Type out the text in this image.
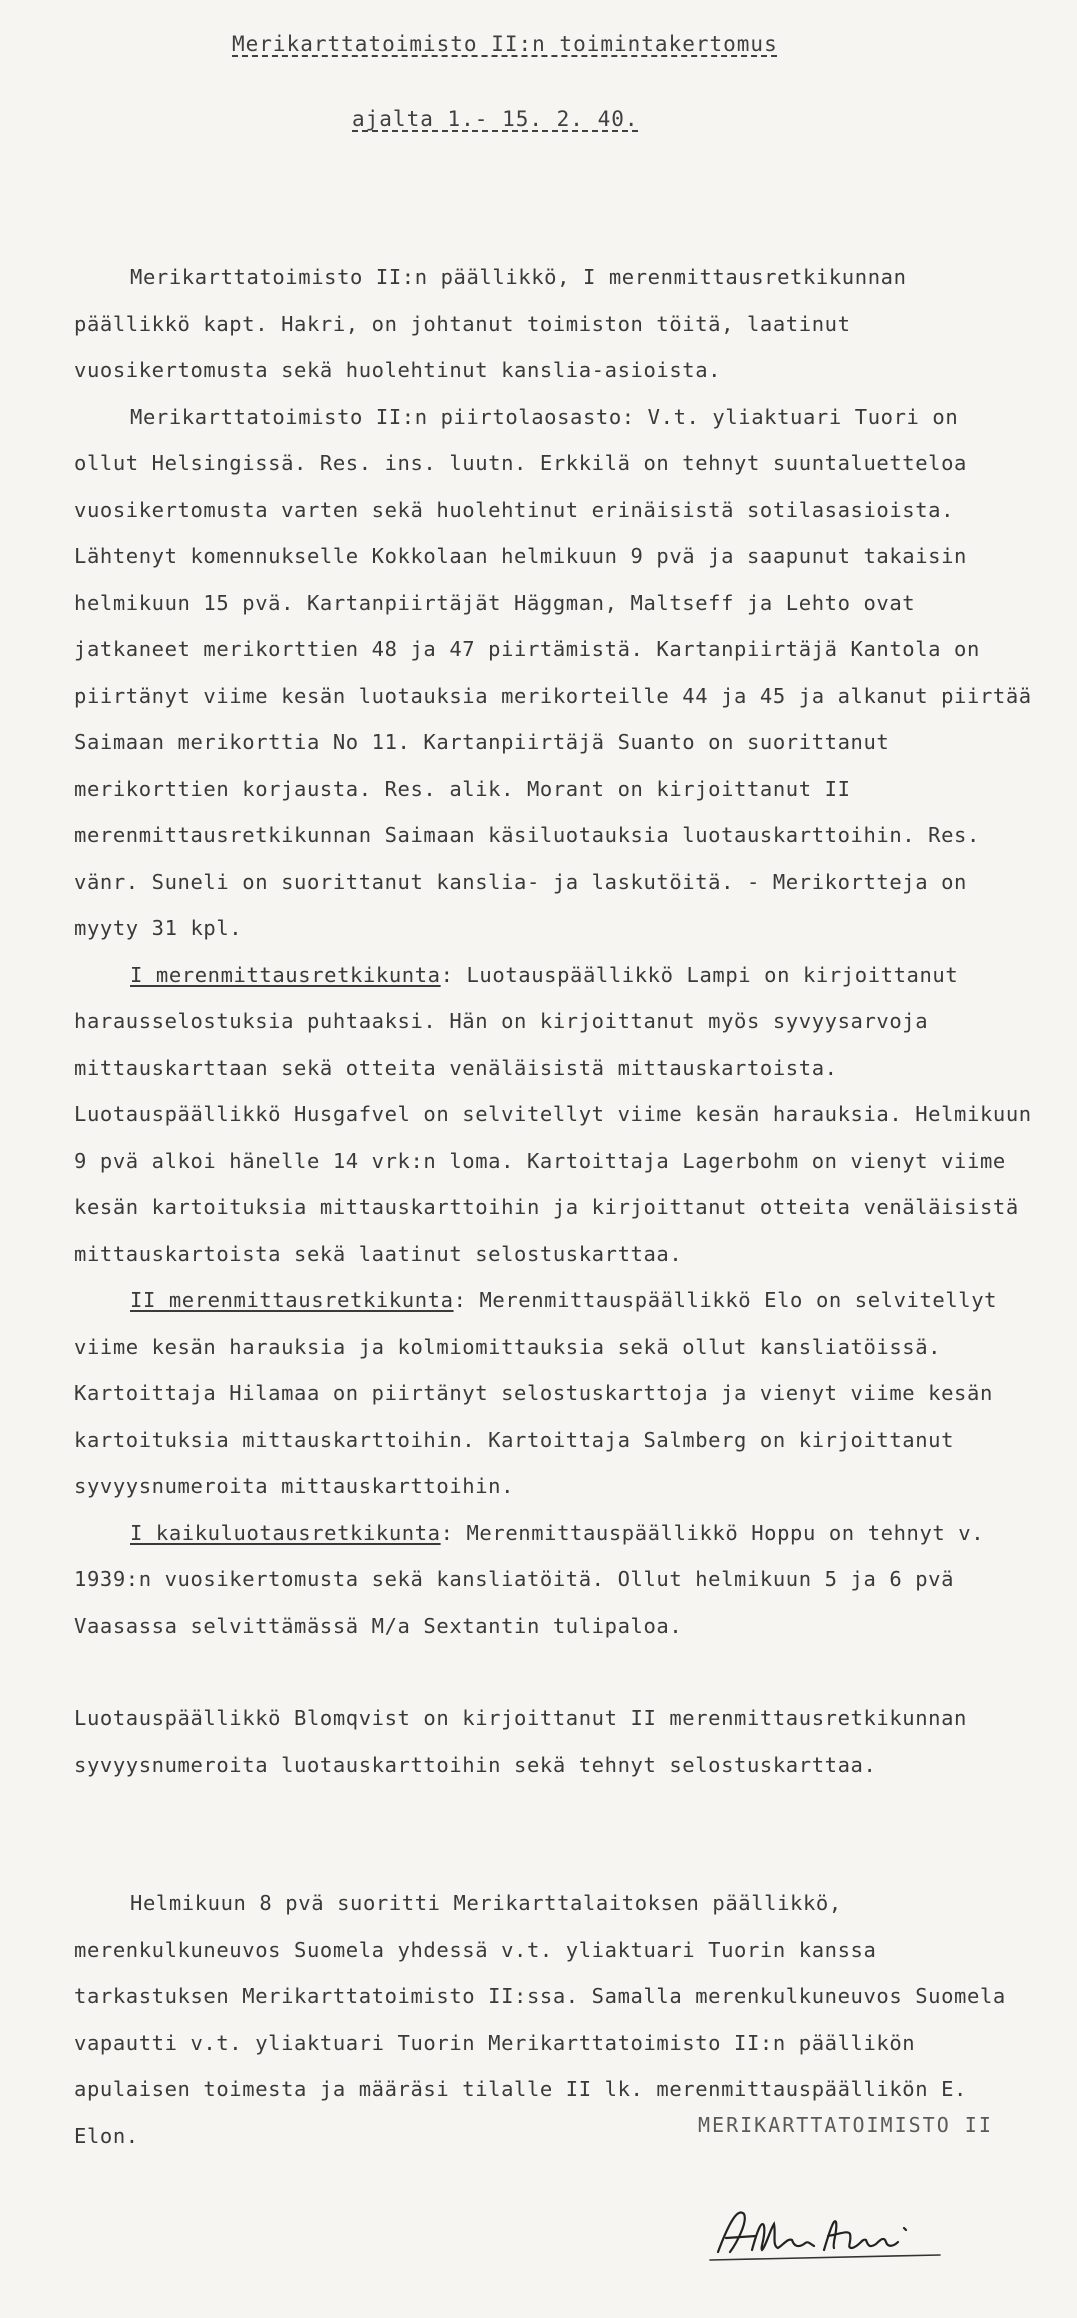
Merikarttatoimisto II:n toimintakertomus
ajalta 1.- 15. 2. 40.

Merikarttatoimisto II:n päällikkö, I merenmittausretkikunnan päällikkö kapt. Hakri, on johtanut toimiston töitä, laatinut vuosikertomusta sekä huolehtinut kanslia-asioista.

Merikarttatoimisto II:n piirtolaosasto: V.t. yliaktuari Tuori on ollut Helsingissä. Res. ins. luutn. Erkkilä on tehnyt suuntaluetteloa vuosikertomusta varten sekä huolehtinut erinäisistä sotilasasioista. Lähtenyt komennukselle Kokkolaan helmikuun 9 pvä ja saapunut takaisin helmikuun 15 pvä. Kartanpiirtäjät Häggman, Maltseff ja Lehto ovat jatkaneet merikorttien 48 ja 47 piirtämistä. Kartanpiirtäjä Kantola on piirtänyt viime kesän luotauksia merikorteille 44 ja 45 ja alkanut piirtää Saimaan merikorttia No 11. Kartanpiirtäjä Suanto on suorittanut merikorttien korjausta. Res. alik. Morant on kirjoittanut II merenmittausretkikunnan Saimaan käsiluotauksia luotauskarttoihin. Res. vänr. Suneli on suorittanut kanslia- ja laskutöitä. - Merikortteja on myyty 31 kpl.

I merenmittausretkikunta: Luotauspäällikkö Lampi on kirjoittanut harausselostuksia puhtaaksi. Hän on kirjoittanut myös syvyysarvoja mittauskarttaan sekä otteita venäläisistä mittauskartoista. Luotauspäällikkö Husgafvel on selvitellyt viime kesän harauksia. Helmikuun 9 pvä alkoi hänelle 14 vrk:n loma. Kartoittaja Lagerbohm on vienyt viime kesän kartoituksia mittauskarttoihin ja kirjoittanut otteita venäläisistä mittauskartoista sekä laatinut selostuskarttaa.

II merenmittausretkikunta: Merenmittauspäällikkö Elo on selvitellyt viime kesän harauksia ja kolmiomittauksia sekä ollut kansliatöissä. Kartoittaja Hilamaa on piirtänyt selostuskarttoja ja vienyt viime kesän kartoituksia mittauskarttoihin. Kartoittaja Salmberg on kirjoittanut syvyysnumeroita mittauskarttoihin.

I kaikuluotausretkikunta: Merenmittauspäällikkö Hoppu on tehnyt v. 1939:n vuosikertomusta sekä kansliatöitä. Ollut helmikuun 5 ja 6 pvä Vaasassa selvittämässä M/a Sextantin tulipaloa.

Luotauspäällikkö Blomqvist on kirjoittanut II merenmittausretkikunnan syvyysnumeroita luotauskarttoihin sekä tehnyt selostuskarttaa.

Helmikuun 8 pvä suoritti Merikarttalaitoksen päällikkö, merenkulkuneuvos Suomela yhdessä v.t. yliaktuari Tuorin kanssa tarkastuksen Merikarttatoimisto II:ssa. Samalla merenkulkuneuvos Suomela vapautti v.t. yliaktuari Tuorin Merikarttatoimisto II:n päällikön apulaisen toimesta ja määräsi tilalle II lk. merenmittauspäällikön E. Elon.	MERIKARTTATOIMISTO II
